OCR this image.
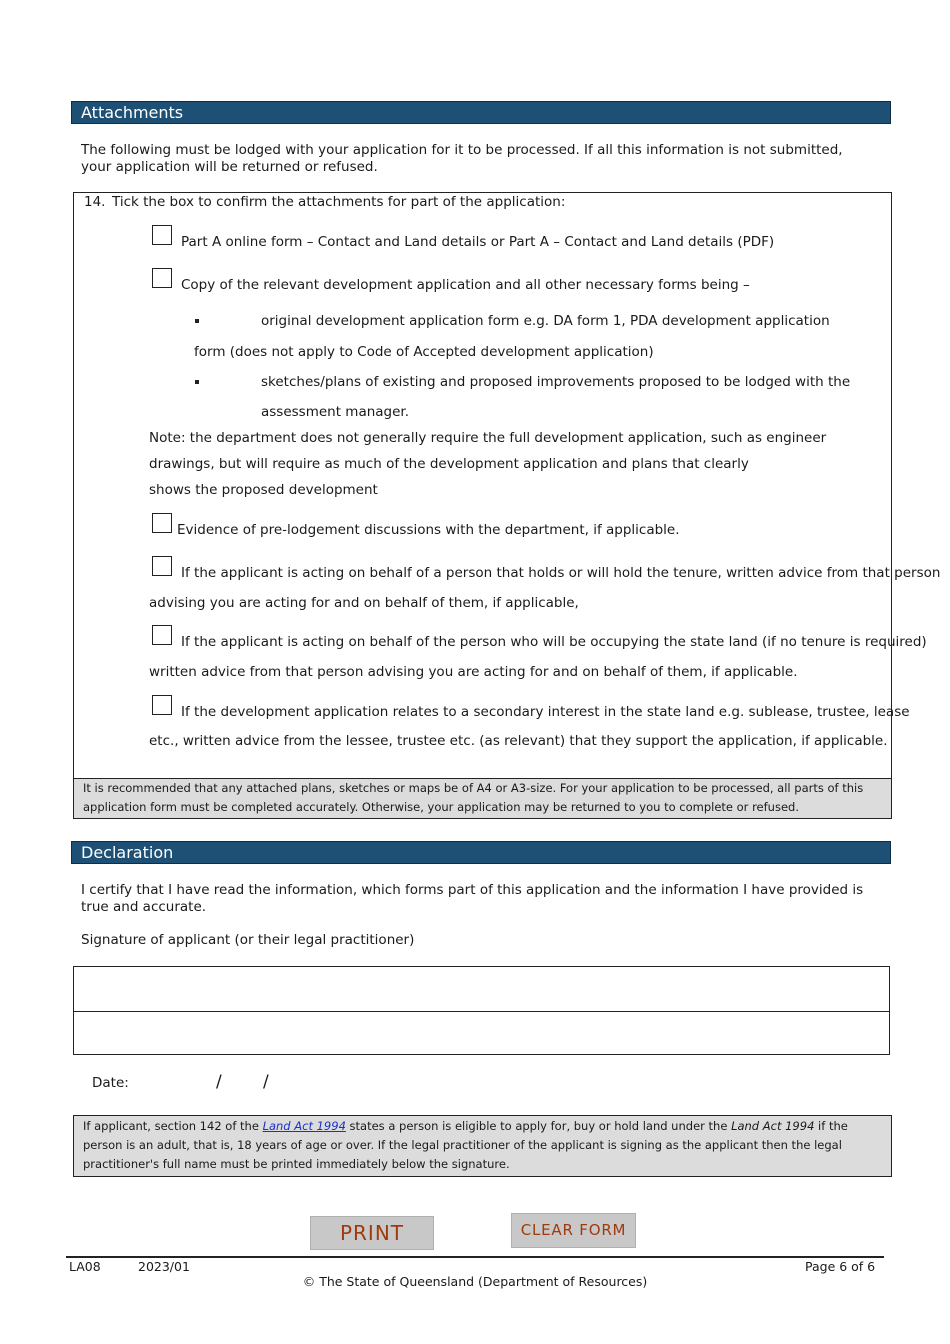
Attachments
The following must be lodged with your application for it to be processed. If all this information is not submitted, your application will be returned or refused.
14. Tick the box to confirm the attachments for part of the application:
Part A online form – Contact and Land details or Part A – Contact and Land details (PDF)
Copy of the relevant development application and all other necessary forms being –
original development application form e.g. DA form 1, PDA development application
form (does not apply to Code of Accepted development application)
sketches/plans of existing and proposed improvements proposed to be lodged with the
assessment manager.
Note: the department does not generally require the full development application, such as engineer
drawings, but will require as much of the development application and plans that clearly
shows the proposed development
Evidence of pre-lodgement discussions with the department, if applicable.
If the applicant is acting on behalf of a person that holds or will hold the tenure, written advice from that person
advising you are acting for and on behalf of them, if applicable,
If the applicant is acting on behalf of the person who will be occupying the state land (if no tenure is required)
written advice from that person advising you are acting for and on behalf of them, if applicable.
If the development application relates to a secondary interest in the state land e.g. sublease, trustee, lease
etc., written advice from the lessee, trustee etc. (as relevant) that they support the application, if applicable.
It is recommended that any attached plans, sketches or maps be of A4 or A3-size. For your application to be processed, all parts of this
application form must be completed accurately. Otherwise, your application may be returned to you to complete or refused.
Declaration
I certify that I have read the information, which forms part of this application and the information I have provided is true and accurate.
Signature of applicant (or their legal practitioner)
Date:	/ /
If applicant, section 142 of the Land Act 1994 states a person is eligible to apply for, buy or hold land under the Land Act 1994 if the person is an adult, that is, 18 years of age or over. If the legal practitioner of the applicant is signing as the applicant then the legal practitioner's full name must be printed immediately below the signature.
PRINT	CLEAR FORM
LA08	2023/01	Page 6 of 6
© The State of Queensland (Department of Resources)
